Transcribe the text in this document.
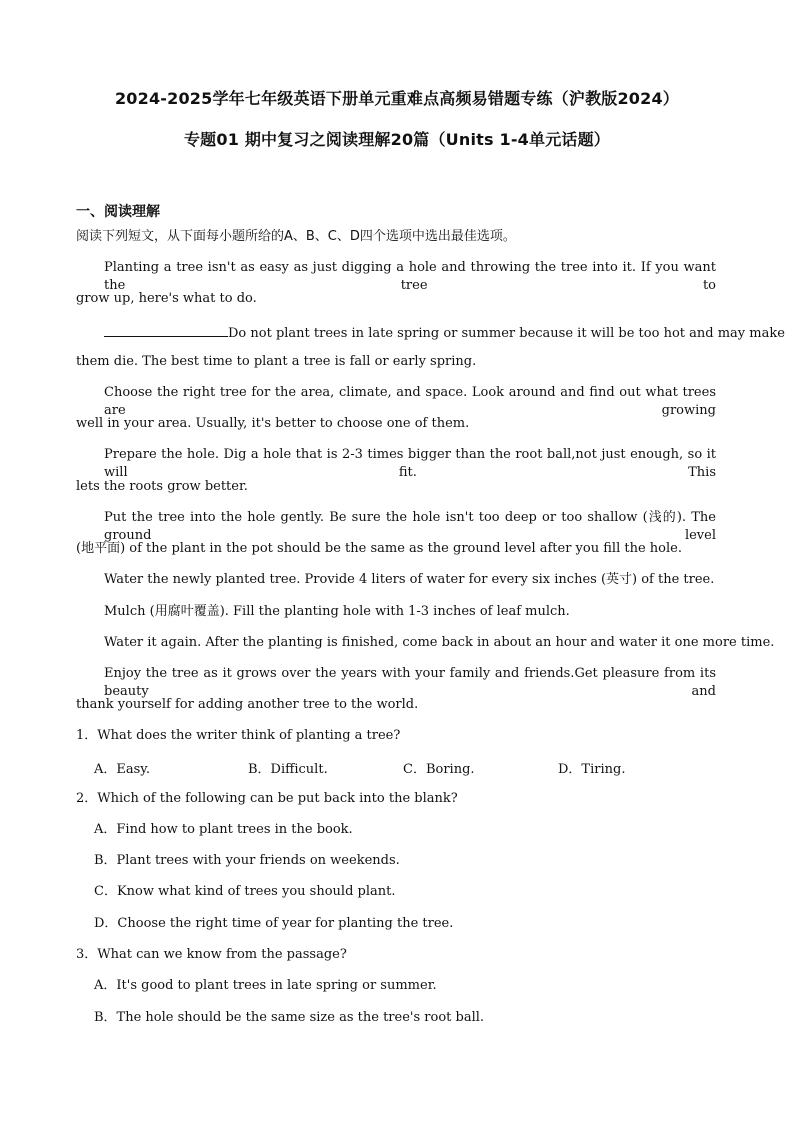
2024-2025学年七年级英语下册单元重难点高频易错题专练（沪教版2024）
专题01 期中复习之阅读理解20篇（Units 1-4单元话题）
一、阅读理解
阅读下列短文，从下面每小题所给的A、B、C、D四个选项中选出最佳选项。
Planting a tree isn't as easy as just digging a hole and throwing the tree into it. If you want the tree to
grow up, here's what to do.
Do not plant trees in late spring or summer because it will be too hot and may make
them die. The best time to plant a tree is fall or early spring.
Choose the right tree for the area, climate, and space. Look around and find out what trees are growing
well in your area. Usually, it's better to choose one of them.
Prepare the hole. Dig a hole that is 2-3 times bigger than the root ball,not just enough, so it will fit. This
lets the roots grow better.
Put the tree into the hole gently. Be sure the hole isn't too deep or too shallow (浅的). The ground level
(地平面) of the plant in the pot should be the same as the ground level after you fill the hole.
Water the newly planted tree. Provide 4 liters of water for every six inches (英寸) of the tree.
Mulch (用腐叶覆盖). Fill the planting hole with 1-3 inches of leaf mulch.
Water it again. After the planting is finished, come back in about an hour and water it one more time.
Enjoy the tree as it grows over the years with your family and friends.Get pleasure from its beauty and
thank yourself for adding another tree to the world.
1．What does the writer think of planting a tree?
A．Easy.	B．Difficult.	C．Boring.	D．Tiring.
2．Which of the following can be put back into the blank?
A．Find how to plant trees in the book.
B．Plant trees with your friends on weekends.
C．Know what kind of trees you should plant.
D．Choose the right time of year for planting the tree.
3．What can we know from the passage?
A．It's good to plant trees in late spring or summer.
B．The hole should be the same size as the tree's root ball.
